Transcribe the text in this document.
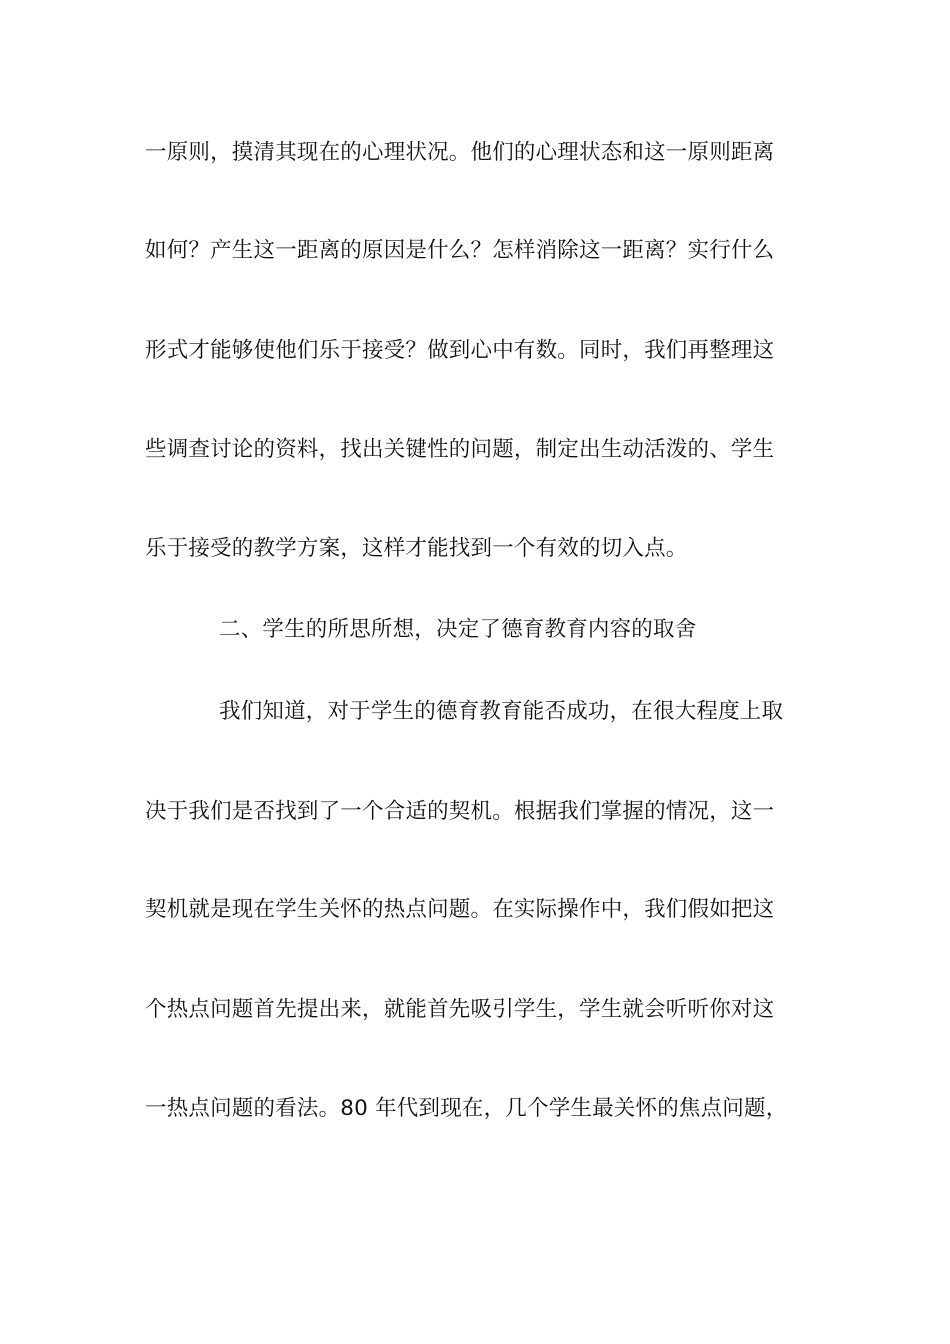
一原则，摸清其现在的心理状况。他们的心理状态和这一原则距离
如何？产生这一距离的原因是什么？怎样消除这一距离？实行什么
形式才能够使他们乐于接受？做到心中有数。同时，我们再整理这
些调查讨论的资料，找出关键性的问题，制定出生动活泼的、学生
乐于接受的教学方案，这样才能找到一个有效的切入点。
二、学生的所思所想，决定了德育教育内容的取舍
我们知道，对于学生的德育教育能否成功，在很大程度上取
决于我们是否找到了一个合适的契机。根据我们掌握的情况，这一
契机就是现在学生关怀的热点问题。在实际操作中，我们假如把这
个热点问题首先提出来，就能首先吸引学生，学生就会听听你对这
一热点问题的看法。80 年代到现在，几个学生最关怀的焦点问题，
